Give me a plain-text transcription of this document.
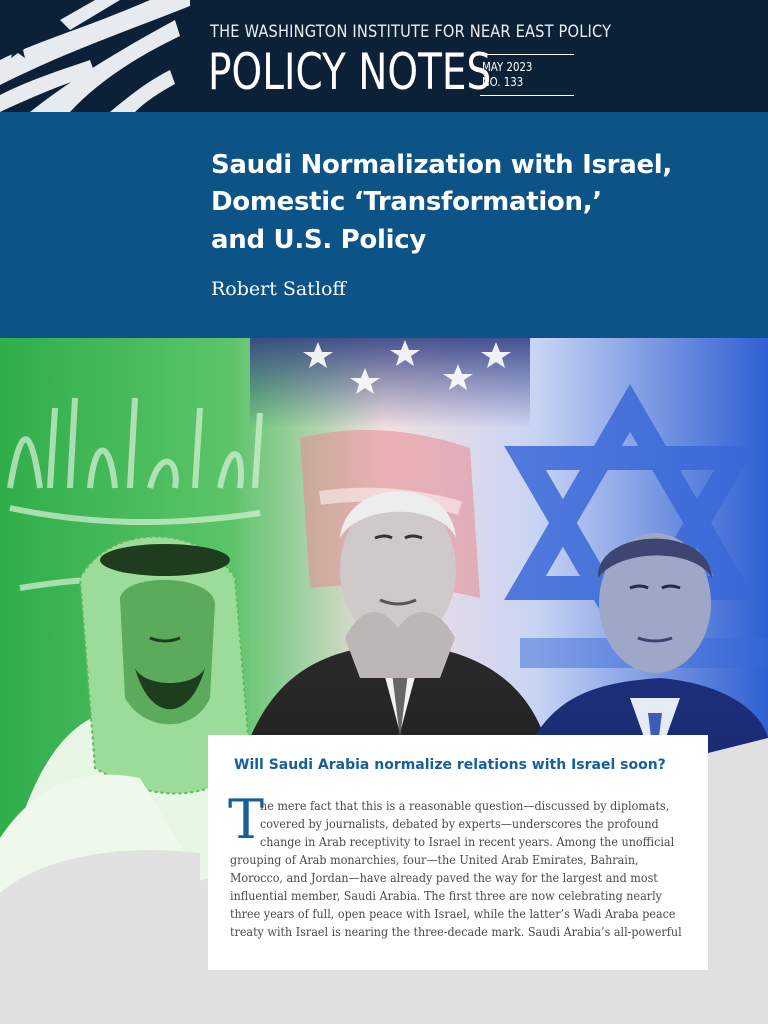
THE WASHINGTON INSTITUTE FOR NEAR EAST POLICY
POLICY NOTES
MAY 2023
NO. 133
Saudi Normalization with Israel,
Domestic ‘Transformation,’
and U.S. Policy
Robert Satloff
Will Saudi Arabia normalize relations with Israel soon?
T
he mere fact that this is a reasonable question—discussed by diplomats,
covered by journalists, debated by experts—underscores the profound
change in Arab receptivity to Israel in recent years. Among the unofficial
grouping of Arab monarchies, four—the United Arab Emirates, Bahrain,
Morocco, and Jordan—have already paved the way for the largest and most
influential member, Saudi Arabia. The first three are now celebrating nearly
three years of full, open peace with Israel, while the latter’s Wadi Araba peace
treaty with Israel is nearing the three-decade mark. Saudi Arabia’s all-powerful
